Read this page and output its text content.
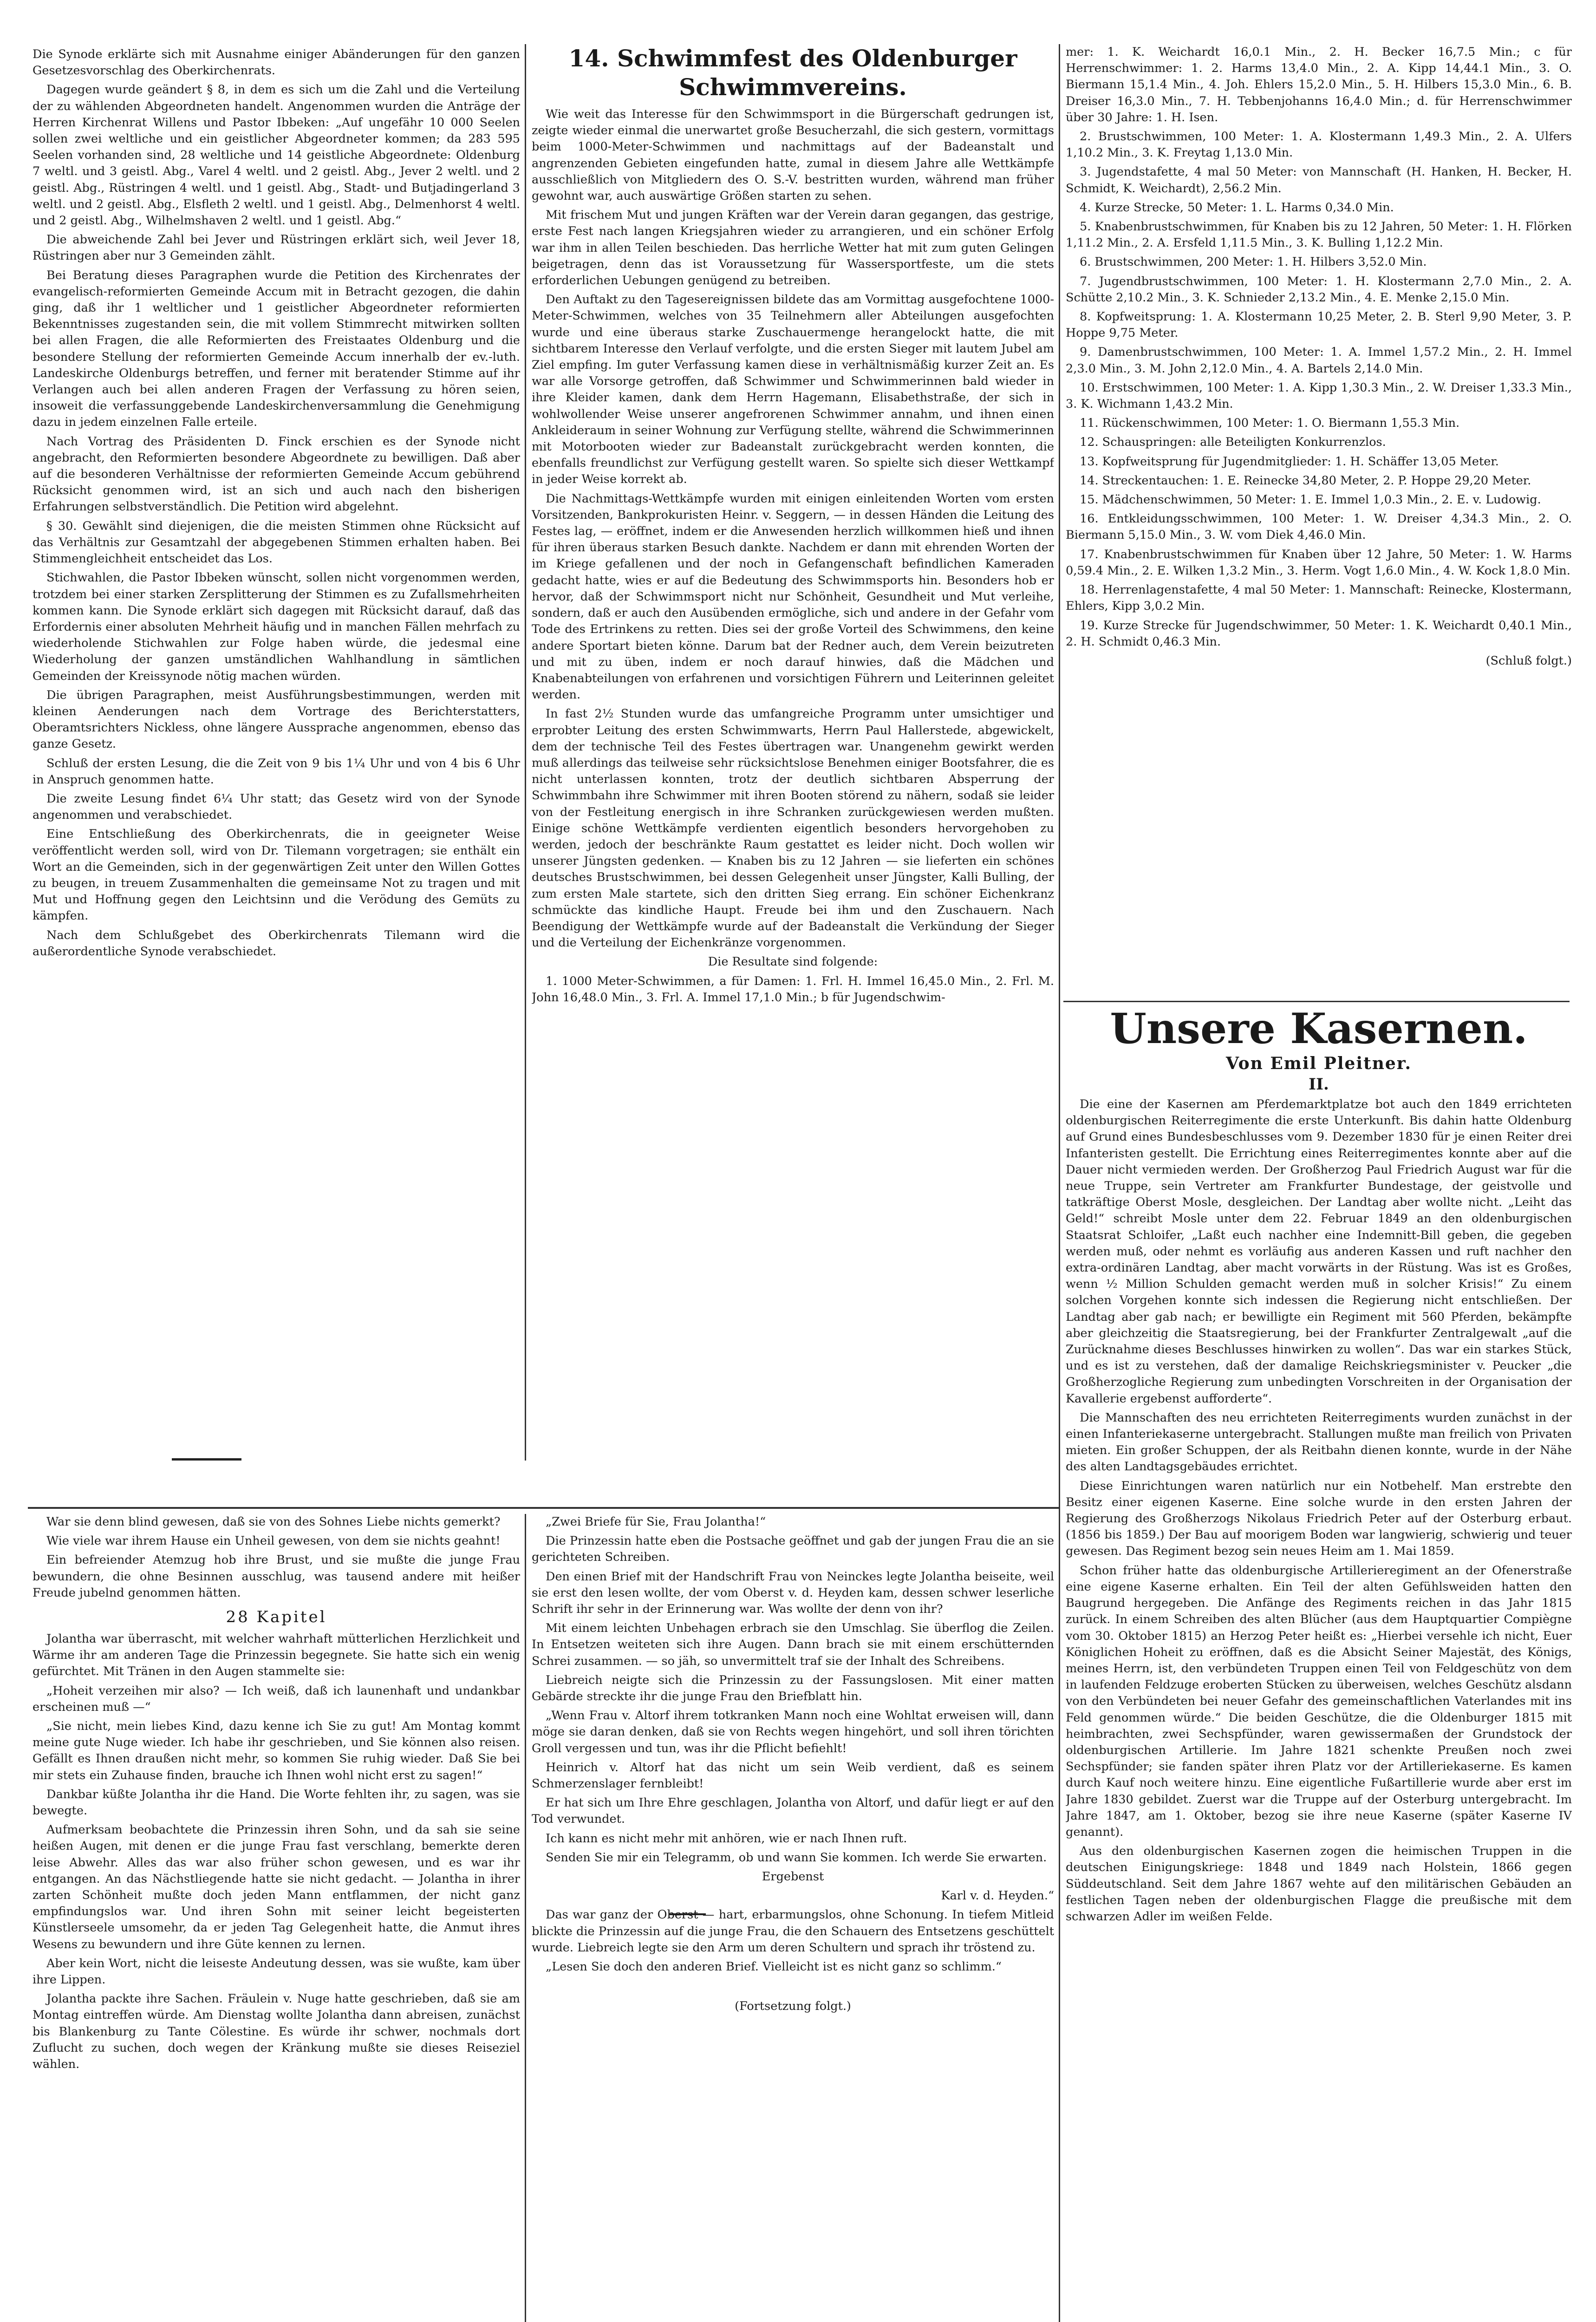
Die Synode erklärte sich mit Ausnahme einiger Abänderungen für den ganzen Gesetzesvorschlag des Oberkirchenrats.

Dagegen wurde geändert § 8, in dem es sich um die Zahl und die Verteilung der zu wählenden Abgeordneten handelt. Angenommen wurden die Anträge der Herren Kirchenrat Willens und Pastor Ibbeken: „Auf ungefähr 10 000 Seelen sollen zwei weltliche und ein geistlicher Abgeordneter kommen; da 283 595 Seelen vorhanden sind, 28 weltliche und 14 geistliche Abgeordnete: Oldenburg 7 weltl. und 3 geistl. Abg., Varel 4 weltl. und 2 geistl. Abg., Jever 2 weltl. und 2 geistl. Abg., Rüstringen 4 weltl. und 1 geistl. Abg., Stadt- und Butjadingerland 3 weltl. und 2 geistl. Abg., Elsfleth 2 weltl. und 1 geistl. Abg., Delmenhorst 4 weltl. und 2 geistl. Abg., Wilhelmshaven 2 weltl. und 1 geistl. Abg.“

Die abweichende Zahl bei Jever und Rüstringen erklärt sich, weil Jever 18, Rüstringen aber nur 3 Gemeinden zählt.

Bei Beratung dieses Paragraphen wurde die Petition des Kirchenrates der evangelisch-reformierten Gemeinde Accum mit in Betracht gezogen, die dahin ging, daß ihr 1 weltlicher und 1 geistlicher Abgeordneter reformierten Bekenntnisses zugestanden sein, die mit vollem Stimmrecht mitwirken sollten bei allen Fragen, die alle Reformierten des Freistaates Oldenburg und die besondere Stellung der reformierten Gemeinde Accum innerhalb der ev.-luth. Landeskirche Oldenburgs betreffen, und ferner mit beratender Stimme auf ihr Verlangen auch bei allen anderen Fragen der Verfassung zu hören seien, insoweit die verfassunggebende Landeskirchenversammlung die Genehmigung dazu in jedem einzelnen Falle erteile.

Nach Vortrag des Präsidenten D. Finck erschien es der Synode nicht angebracht, den Reformierten besondere Abgeordnete zu bewilligen. Daß aber auf die besonderen Verhältnisse der reformierten Gemeinde Accum gebührend Rücksicht genommen wird, ist an sich und auch nach den bisherigen Erfahrungen selbstverständlich. Die Petition wird abgelehnt.

§ 30. Gewählt sind diejenigen, die die meisten Stimmen ohne Rücksicht auf das Verhältnis zur Gesamtzahl der abgegebenen Stimmen erhalten haben. Bei Stimmengleichheit entscheidet das Los.

Stichwahlen, die Pastor Ibbeken wünscht, sollen nicht vorgenommen werden, trotzdem bei einer starken Zersplitterung der Stimmen es zu Zufallsmehrheiten kommen kann. Die Synode erklärt sich dagegen mit Rücksicht darauf, daß das Erfordernis einer absoluten Mehrheit häufig und in manchen Fällen mehrfach zu wiederholende Stichwahlen zur Folge haben würde, die jedesmal eine Wiederholung der ganzen umständlichen Wahlhandlung in sämtlichen Gemeinden der Kreissynode nötig machen würden.

Die übrigen Paragraphen, meist Ausführungsbestimmungen, werden mit kleinen Aenderungen nach dem Vortrage des Berichterstatters, Oberamtsrichters Nickless, ohne längere Aussprache angenommen, ebenso das ganze Gesetz.

Schluß der ersten Lesung, die die Zeit von 9 bis 1¼ Uhr und von 4 bis 6 Uhr in Anspruch genommen hatte.

Die zweite Lesung findet 6¼ Uhr statt; das Gesetz wird von der Synode angenommen und verabschiedet.

Eine Entschließung des Oberkirchenrats, die in geeigneter Weise veröffentlicht werden soll, wird von Dr. Tilemann vorgetragen; sie enthält ein Wort an die Gemeinden, sich in der gegenwärtigen Zeit unter den Willen Gottes zu beugen, in treuem Zusammenhalten die gemeinsame Not zu tragen und mit Mut und Hoffnung gegen den Leichtsinn und die Verödung des Gemüts zu kämpfen.

Nach dem Schlußgebet des Oberkirchenrats Tilemann wird die außerordentliche Synode verabschiedet.

14. Schwimmfest des Oldenburger Schwimmvereins.

Wie weit das Interesse für den Schwimmsport in die Bürgerschaft gedrungen ist, zeigte wieder einmal die unerwartet große Besucherzahl, die sich gestern, vormittags beim 1000-Meter-Schwimmen und nachmittags auf der Badeanstalt und angrenzenden Gebieten eingefunden hatte, zumal in diesem Jahre alle Wettkämpfe ausschließlich von Mitgliedern des O. S.-V. bestritten wurden, während man früher gewohnt war, auch auswärtige Größen starten zu sehen.

Mit frischem Mut und jungen Kräften war der Verein daran gegangen, das gestrige, erste Fest nach langen Kriegsjahren wieder zu arrangieren, und ein schöner Erfolg war ihm in allen Teilen beschieden. Das herrliche Wetter hat mit zum guten Gelingen beigetragen, denn das ist Voraussetzung für Wassersportfeste, um die stets erforderlichen Uebungen genügend zu betreiben.

Den Auftakt zu den Tagesereignissen bildete das am Vormittag ausgefochtene 1000-Meter-Schwimmen, welches von 35 Teilnehmern aller Abteilungen ausgefochten wurde und eine überaus starke Zuschauermenge herangelockt hatte, die mit sichtbarem Interesse den Verlauf verfolgte, und die ersten Sieger mit lautem Jubel am Ziel empfing. Im guter Verfassung kamen diese in verhältnismäßig kurzer Zeit an. Es war alle Vorsorge getroffen, daß Schwimmer und Schwimmerinnen bald wieder in ihre Kleider kamen, dank dem Herrn Hagemann, Elisabethstraße, der sich in wohlwollender Weise unserer angefrorenen Schwimmer annahm, und ihnen einen Ankleideraum in seiner Wohnung zur Verfügung stellte, während die Schwimmerinnen mit Motorbooten wieder zur Badeanstalt zurückgebracht werden konnten, die ebenfalls freundlichst zur Verfügung gestellt waren. So spielte sich dieser Wettkampf in jeder Weise korrekt ab.

Die Nachmittags-Wettkämpfe wurden mit einigen einleitenden Worten vom ersten Vorsitzenden, Bankprokuristen Heinr. v. Seggern, — in dessen Händen die Leitung des Festes lag, — eröffnet, indem er die Anwesenden herzlich willkommen hieß und ihnen für ihren überaus starken Besuch dankte. Nachdem er dann mit ehrenden Worten der im Kriege gefallenen und der noch in Gefangenschaft befindlichen Kameraden gedacht hatte, wies er auf die Bedeutung des Schwimmsports hin. Besonders hob er hervor, daß der Schwimmsport nicht nur Schönheit, Gesundheit und Mut verleihe, sondern, daß er auch den Ausübenden ermögliche, sich und andere in der Gefahr vom Tode des Ertrinkens zu retten. Dies sei der große Vorteil des Schwimmens, den keine andere Sportart bieten könne. Darum bat der Redner auch, dem Verein beizutreten und mit zu üben, indem er noch darauf hinwies, daß die Mädchen und Knabenabteilungen von erfahrenen und vorsichtigen Führern und Leiterinnen geleitet werden.

In fast 2½ Stunden wurde das umfangreiche Programm unter umsichtiger und erprobter Leitung des ersten Schwimmwarts, Herrn Paul Hallerstede, abgewickelt, dem der technische Teil des Festes übertragen war. Unangenehm gewirkt werden muß allerdings das teilweise sehr rücksichtslose Benehmen einiger Bootsfahrer, die es nicht unterlassen konnten, trotz der deutlich sichtbaren Absperrung der Schwimmbahn ihre Schwimmer mit ihren Booten störend zu nähern, sodaß sie leider von der Festleitung energisch in ihre Schranken zurückgewiesen werden mußten. Einige schöne Wettkämpfe verdienten eigentlich besonders hervorgehoben zu werden, jedoch der beschränkte Raum gestattet es leider nicht. Doch wollen wir unserer Jüngsten gedenken. — Knaben bis zu 12 Jahren — sie lieferten ein schönes deutsches Brustschwimmen, bei dessen Gelegenheit unser Jüngster, Kalli Bulling, der zum ersten Male startete, sich den dritten Sieg errang. Ein schöner Eichenkranz schmückte das kindliche Haupt. Freude bei ihm und den Zuschauern. Nach Beendigung der Wettkämpfe wurde auf der Badeanstalt die Verkündung der Sieger und die Verteilung der Eichenkränze vorgenommen.

Die Resultate sind folgende:

1. 1000 Meter-Schwimmen, a für Damen: 1. Frl. H. Immel 16,45.0 Min., 2. Frl. M. John 16,48.0 Min., 3. Frl. A. Immel 17,1.0 Min.; b für Jugendschwim-

mer: 1. K. Weichardt 16,0.1 Min., 2. H. Becker 16,7.5 Min.; c für Herrenschwimmer: 1. 2. Harms 13,4.0 Min., 2. A. Kipp 14,44.1 Min., 3. O. Biermann 15,1.4 Min., 4. Joh. Ehlers 15,2.0 Min., 5. H. Hilbers 15,3.0 Min., 6. B. Dreiser 16,3.0 Min., 7. H. Tebbenjohanns 16,4.0 Min.; d. für Herrenschwimmer über 30 Jahre: 1. H. Isen.

2. Brustschwimmen, 100 Meter: 1. A. Klostermann 1,49.3 Min., 2. A. Ulfers 1,10.2 Min., 3. K. Freytag 1,13.0 Min.

3. Jugendstafette, 4 mal 50 Meter: von Mannschaft (H. Hanken, H. Becker, H. Schmidt, K. Weichardt), 2,56.2 Min.

4. Kurze Strecke, 50 Meter: 1. L. Harms 0,34.0 Min.

5. Knabenbrustschwimmen, für Knaben bis zu 12 Jahren, 50 Meter: 1. H. Flörken 1,11.2 Min., 2. A. Ersfeld 1,11.5 Min., 3. K. Bulling 1,12.2 Min.

6. Brustschwimmen, 200 Meter: 1. H. Hilbers 3,52.0 Min.

7. Jugendbrustschwimmen, 100 Meter: 1. H. Klostermann 2,7.0 Min., 2. A. Schütte 2,10.2 Min., 3. K. Schnieder 2,13.2 Min., 4. E. Menke 2,15.0 Min.

8. Kopfweitsprung: 1. A. Klostermann 10,25 Meter, 2. B. Sterl 9,90 Meter, 3. P. Hoppe 9,75 Meter.

9. Damenbrustschwimmen, 100 Meter: 1. A. Immel 1,57.2 Min., 2. H. Immel 2,3.0 Min., 3. M. John 2,12.0 Min., 4. A. Bartels 2,14.0 Min.

10. Erstschwimmen, 100 Meter: 1. A. Kipp 1,30.3 Min., 2. W. Dreiser 1,33.3 Min., 3. K. Wichmann 1,43.2 Min.

11. Rückenschwimmen, 100 Meter: 1. O. Biermann 1,55.3 Min.

12. Schauspringen: alle Beteiligten Konkurrenzlos.

13. Kopfweitsprung für Jugendmitglieder: 1. H. Schäffer 13,05 Meter.

14. Streckentauchen: 1. E. Reinecke 34,80 Meter, 2. P. Hoppe 29,20 Meter.

15. Mädchenschwimmen, 50 Meter: 1. E. Immel 1,0.3 Min., 2. E. v. Ludowig.

16. Entkleidungsschwimmen, 100 Meter: 1. W. Dreiser 4,34.3 Min., 2. O. Biermann 5,15.0 Min., 3. W. vom Diek 4,46.0 Min.

17. Knabenbrustschwimmen für Knaben über 12 Jahre, 50 Meter: 1. W. Harms 0,59.4 Min., 2. E. Wilken 1,3.2 Min., 3. Herm. Vogt 1,6.0 Min., 4. W. Kock 1,8.0 Min.

18. Herrenlagenstafette, 4 mal 50 Meter: 1. Mannschaft: Reinecke, Klostermann, Ehlers, Kipp 3,0.2 Min.

19. Kurze Strecke für Jugendschwimmer, 50 Meter: 1. K. Weichardt 0,40.1 Min., 2. H. Schmidt 0,46.3 Min.

(Schluß folgt.)

Unsere Kasernen.
Von Emil Pleitner.
II.

Die eine der Kasernen am Pferdemarktplatze bot auch den 1849 errichteten oldenburgischen Reiterregimente die erste Unterkunft. Bis dahin hatte Oldenburg auf Grund eines Bundesbeschlusses vom 9. Dezember 1830 für je einen Reiter drei Infanteristen gestellt. Die Errichtung eines Reiterregimentes konnte aber auf die Dauer nicht vermieden werden. Der Großherzog Paul Friedrich August war für die neue Truppe, sein Vertreter am Frankfurter Bundestage, der geistvolle und tatkräftige Oberst Mosle, desgleichen. Der Landtag aber wollte nicht. „Leiht das Geld!“ schreibt Mosle unter dem 22. Februar 1849 an den oldenburgischen Staatsrat Schloifer, „Laßt euch nachher eine Indemnitt-Bill geben, die gegeben werden muß, oder nehmt es vorläufig aus anderen Kassen und ruft nachher den extra-ordinären Landtag, aber macht vorwärts in der Rüstung. Was ist es Großes, wenn ½ Million Schulden gemacht werden muß in solcher Krisis!“ Zu einem solchen Vorgehen konnte sich indessen die Regierung nicht entschließen. Der Landtag aber gab nach; er bewilligte ein Regiment mit 560 Pferden, bekämpfte aber gleichzeitig die Staatsregierung, bei der Frankfurter Zentralgewalt „auf die Zurücknahme dieses Beschlusses hinwirken zu wollen“. Das war ein starkes Stück, und es ist zu verstehen, daß der damalige Reichskriegsminister v. Peucker „die Großherzogliche Regierung zum unbedingten Vorschreiten in der Organisation der Kavallerie ergebenst aufforderte“.

Die Mannschaften des neu errichteten Reiterregiments wurden zunächst in der einen Infanteriekaserne untergebracht. Stallungen mußte man freilich von Privaten mieten. Ein großer Schuppen, der als Reitbahn dienen konnte, wurde in der Nähe des alten Landtagsgebäudes errichtet.

Diese Einrichtungen waren natürlich nur ein Notbehelf. Man erstrebte den Besitz einer eigenen Kaserne. Eine solche wurde in den ersten Jahren der Regierung des Großherzogs Nikolaus Friedrich Peter auf der Osterburg erbaut. (1856 bis 1859.) Der Bau auf moorigem Boden war langwierig, schwierig und teuer gewesen. Das Regiment bezog sein neues Heim am 1. Mai 1859.

Schon früher hatte das oldenburgische Artillerieregiment an der Ofenerstraße eine eigene Kaserne erhalten. Ein Teil der alten Gefühlsweiden hatten den Baugrund hergegeben. Die Anfänge des Regiments reichen in das Jahr 1815 zurück. In einem Schreiben des alten Blücher (aus dem Hauptquartier Compiègne vom 30. Oktober 1815) an Herzog Peter heißt es: „Hierbei versehle ich nicht, Euer Königlichen Hoheit zu eröffnen, daß es die Absicht Seiner Majestät, des Königs, meines Herrn, ist, den verbündeten Truppen einen Teil von Feldgeschütz von dem in laufenden Feldzuge eroberten Stücken zu überweisen, welches Geschütz alsdann von den Verbündeten bei neuer Gefahr des gemeinschaftlichen Vaterlandes mit ins Feld genommen würde.“ Die beiden Geschütze, die die Oldenburger 1815 mit heimbrachten, zwei Sechspfünder, waren gewissermaßen der Grundstock der oldenburgischen Artillerie. Im Jahre 1821 schenkte Preußen noch zwei Sechspfünder; sie fanden später ihren Platz vor der Artilleriekaserne. Es kamen durch Kauf noch weitere hinzu. Eine eigentliche Fußartillerie wurde aber erst im Jahre 1830 gebildet. Zuerst war die Truppe auf der Osterburg untergebracht. Im Jahre 1847, am 1. Oktober, bezog sie ihre neue Kaserne (später Kaserne IV genannt).

Aus den oldenburgischen Kasernen zogen die heimischen Truppen in die deutschen Einigungskriege: 1848 und 1849 nach Holstein, 1866 gegen Süddeutschland. Seit dem Jahre 1867 wehte auf den militärischen Gebäuden an festlichen Tagen neben der oldenburgischen Flagge die preußische mit dem schwarzen Adler im weißen Felde.

War sie denn blind gewesen, daß sie von des Sohnes Liebe nichts gemerkt?

Wie viele war ihrem Hause ein Unheil gewesen, von dem sie nichts geahnt!

Ein befreiender Atemzug hob ihre Brust, und sie mußte die junge Frau bewundern, die ohne Besinnen ausschlug, was tausend andere mit heißer Freude jubelnd genommen hätten.

28 Kapitel

Jolantha war überrascht, mit welcher wahrhaft mütterlichen Herzlichkeit und Wärme ihr am anderen Tage die Prinzessin begegnete. Sie hatte sich ein wenig gefürchtet. Mit Tränen in den Augen stammelte sie:

„Hoheit verzeihen mir also? — Ich weiß, daß ich launenhaft und undankbar erscheinen muß —“

„Sie nicht, mein liebes Kind, dazu kenne ich Sie zu gut! Am Montag kommt meine gute Nuge wieder. Ich habe ihr geschrieben, und Sie können also reisen. Gefällt es Ihnen draußen nicht mehr, so kommen Sie ruhig wieder. Daß Sie bei mir stets ein Zuhause finden, brauche ich Ihnen wohl nicht erst zu sagen!“

Dankbar küßte Jolantha ihr die Hand. Die Worte fehlten ihr, zu sagen, was sie bewegte.

Aufmerksam beobachtete die Prinzessin ihren Sohn, und da sah sie seine heißen Augen, mit denen er die junge Frau fast verschlang, bemerkte deren leise Abwehr. Alles das war also früher schon gewesen, und es war ihr entgangen. An das Nächstliegende hatte sie nicht gedacht. — Jolantha in ihrer zarten Schönheit mußte doch jeden Mann entflammen, der nicht ganz empfindungslos war. Und ihren Sohn mit seiner leicht begeisterten Künstlerseele umsomehr, da er jeden Tag Gelegenheit hatte, die Anmut ihres Wesens zu bewundern und ihre Güte kennen zu lernen.

Aber kein Wort, nicht die leiseste Andeutung dessen, was sie wußte, kam über ihre Lippen.

Jolantha packte ihre Sachen. Fräulein v. Nuge hatte geschrieben, daß sie am Montag eintreffen würde. Am Dienstag wollte Jolantha dann abreisen, zunächst bis Blankenburg zu Tante Cölestine. Es würde ihr schwer, nochmals dort Zuflucht zu suchen, doch wegen der Kränkung mußte sie dieses Reiseziel wählen.

„Zwei Briefe für Sie, Frau Jolantha!“

Die Prinzessin hatte eben die Postsache geöffnet und gab der jungen Frau die an sie gerichteten Schreiben.

Den einen Brief mit der Handschrift Frau von Neinckes legte Jolantha beiseite, weil sie erst den lesen wollte, der vom Oberst v. d. Heyden kam, dessen schwer leserliche Schrift ihr sehr in der Erinnerung war. Was wollte der denn von ihr?

Mit einem leichten Unbehagen erbrach sie den Umschlag. Sie überflog die Zeilen. In Entsetzen weiteten sich ihre Augen. Dann brach sie mit einem erschütternden Schrei zusammen. — so jäh, so unvermittelt traf sie der Inhalt des Schreibens.

Liebreich neigte sich die Prinzessin zu der Fassungslosen. Mit einer matten Gebärde streckte ihr die junge Frau den Briefblatt hin.

„Wenn Frau v. Altorf ihrem totkranken Mann noch eine Wohltat erweisen will, dann möge sie daran denken, daß sie von Rechts wegen hingehört, und soll ihren törichten Groll vergessen und tun, was ihr die Pflicht befiehlt!

Heinrich v. Altorf hat das nicht um sein Weib verdient, daß es seinem Schmerzenslager fernbleibt!

Er hat sich um Ihre Ehre geschlagen, Jolantha von Altorf, und dafür liegt er auf den Tod verwundet.

Ich kann es nicht mehr mit anhören, wie er nach Ihnen ruft.

Senden Sie mir ein Telegramm, ob und wann Sie kommen. Ich werde Sie erwarten.

Ergebenst

Karl v. d. Heyden.“

Das war ganz der Oberst — hart, erbarmungslos, ohne Schonung. In tiefem Mitleid blickte die Prinzessin auf die junge Frau, die den Schauern des Entsetzens geschüttelt wurde. Liebreich legte sie den Arm um deren Schultern und sprach ihr tröstend zu.

„Lesen Sie doch den anderen Brief. Vielleicht ist es nicht ganz so schlimm.“

(Fortsetzung folgt.)
